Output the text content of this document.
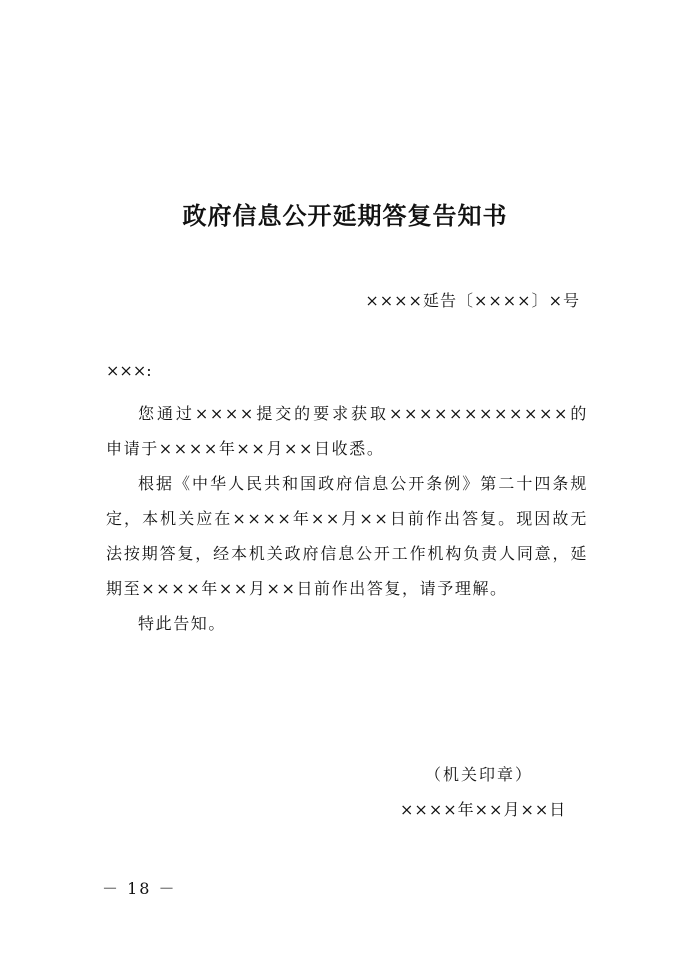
政府信息公开延期答复告知书
××××延告〔××××〕×号
×××:

您通过××××提交的要求获取××××××××××××的申请于××××年××月××日收悉。

根据《中华人民共和国政府信息公开条例》第二十四条规定，本机关应在××××年××月××日前作出答复。现因故无法按期答复，经本机关政府信息公开工作机构负责人同意，延期至××××年××月××日前作出答复，请予理解。

特此告知。

（机关印章）
××××年××月××日
－ 18 －
